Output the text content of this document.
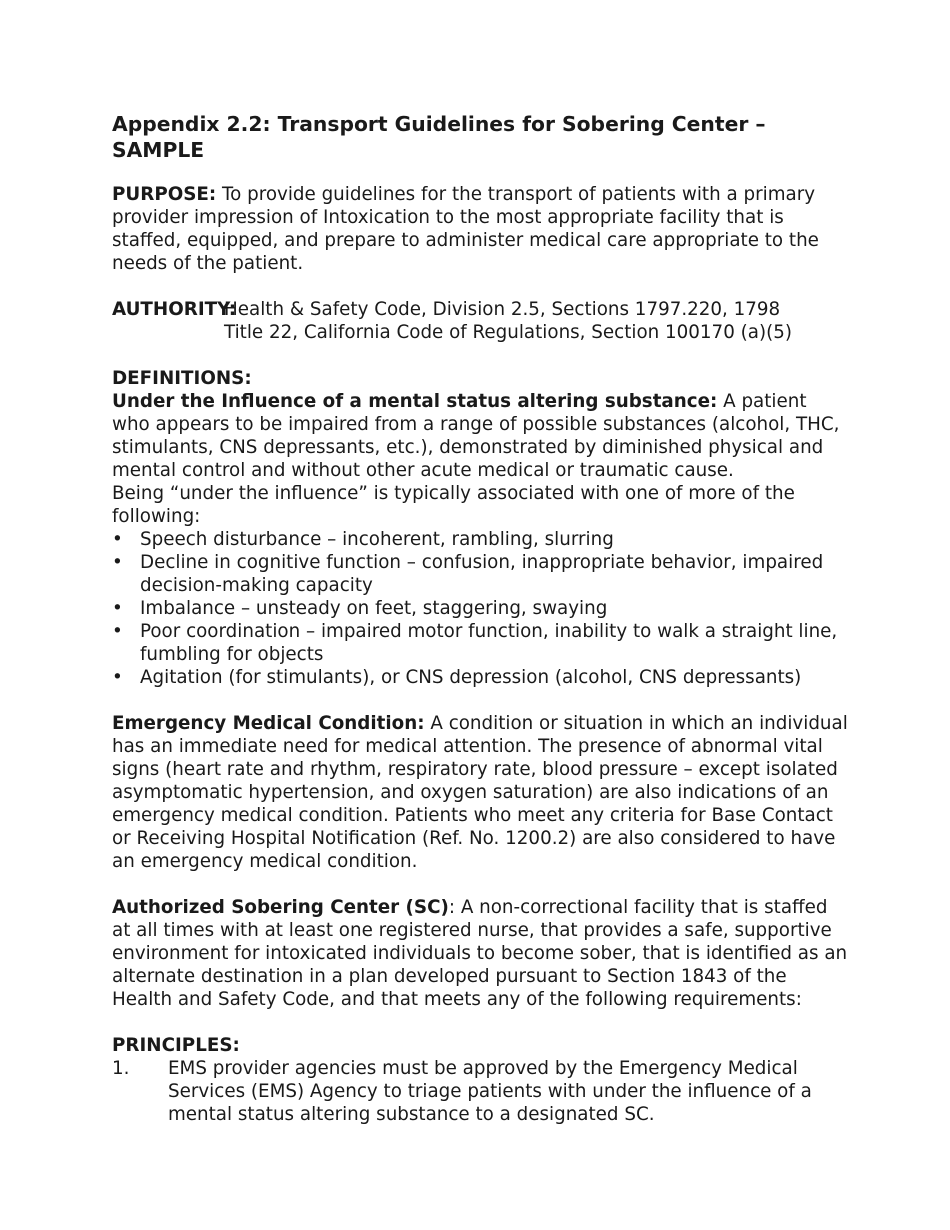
Appendix 2.2: Transport Guidelines for Sobering Center – SAMPLE

PURPOSE: To provide guidelines for the transport of patients with a primary provider impression of Intoxication to the most appropriate facility that is staffed, equipped, and prepare to administer medical care appropriate to the needs of the patient.

AUTHORITY:
Health & Safety Code, Division 2.5, Sections 1797.220, 1798
Title 22, California Code of Regulations, Section 100170 (a)(5)
DEFINITIONS:

Under the Influence of a mental status altering substance: A patient who appears to be impaired from a range of possible substances (alcohol, THC, stimulants, CNS depressants, etc.), demonstrated by diminished physical and mental control and without other acute medical or traumatic cause.

Being “under the influence” is typically associated with one of more of the following:

• Speech disturbance – incoherent, rambling, slurring
• Decline in cognitive function – confusion, inappropriate behavior, impaired decision-making capacity
• Imbalance – unsteady on feet, staggering, swaying
• Poor coordination – impaired motor function, inability to walk a straight line, fumbling for objects
• Agitation (for stimulants), or CNS depression (alcohol, CNS depressants)

Emergency Medical Condition: A condition or situation in which an individual has an immediate need for medical attention. The presence of abnormal vital signs (heart rate and rhythm, respiratory rate, blood pressure – except isolated asymptomatic hypertension, and oxygen saturation) are also indications of an emergency medical condition. Patients who meet any criteria for Base Contact or Receiving Hospital Notification (Ref. No. 1200.2) are also considered to have an emergency medical condition.

Authorized Sobering Center (SC): A non-correctional facility that is staffed at all times with at least one registered nurse, that provides a safe, supportive environment for intoxicated individuals to become sober, that is identified as an alternate destination in a plan developed pursuant to Section 1843 of the Health and Safety Code, and that meets any of the following requirements:

PRINCIPLES:
1. EMS provider agencies must be approved by the Emergency Medical Services (EMS) Agency to triage patients with under the influence of a mental status altering substance to a designated SC.
